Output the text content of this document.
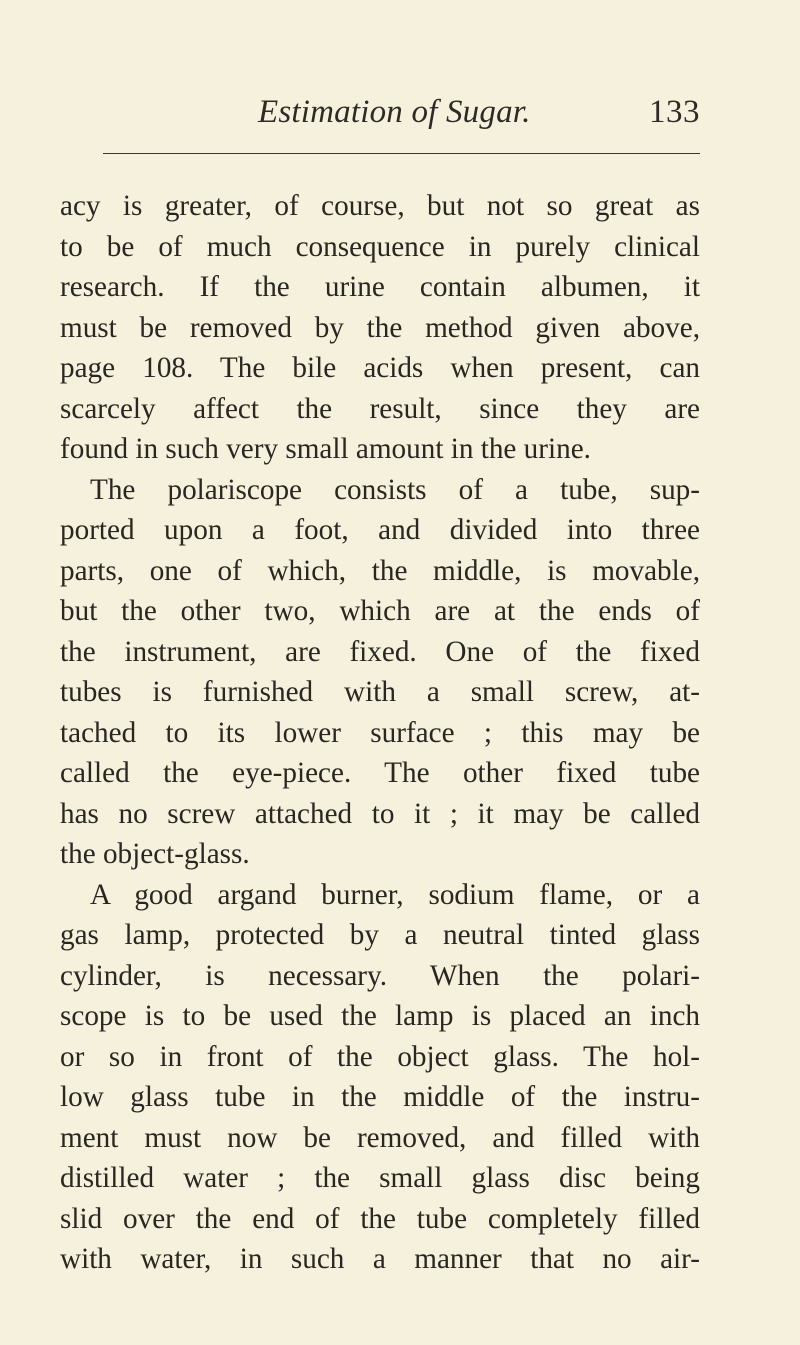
Estimation of Sugar.	133
acy is greater, of course, but not so great as
to be of much consequence in purely clinical
research. If the urine contain albumen, it
must be removed by the method given above,
page 108. The bile acids when present, can
scarcely affect the result, since they are
found in such very small amount in the urine.
The polariscope consists of a tube, sup-
ported upon a foot, and divided into three
parts, one of which, the middle, is movable,
but the other two, which are at the ends of
the instrument, are fixed. One of the fixed
tubes is furnished with a small screw, at-
tached to its lower surface ; this may be
called the eye-piece. The other fixed tube
has no screw attached to it ; it may be called
the object-glass.
A good argand burner, sodium flame, or a
gas lamp, protected by a neutral tinted glass
cylinder, is necessary. When the polari-
scope is to be used the lamp is placed an inch
or so in front of the object glass. The hol-
low glass tube in the middle of the instru-
ment must now be removed, and filled with
distilled water ; the small glass disc being
slid over the end of the tube completely filled
with water, in such a manner that no air-
